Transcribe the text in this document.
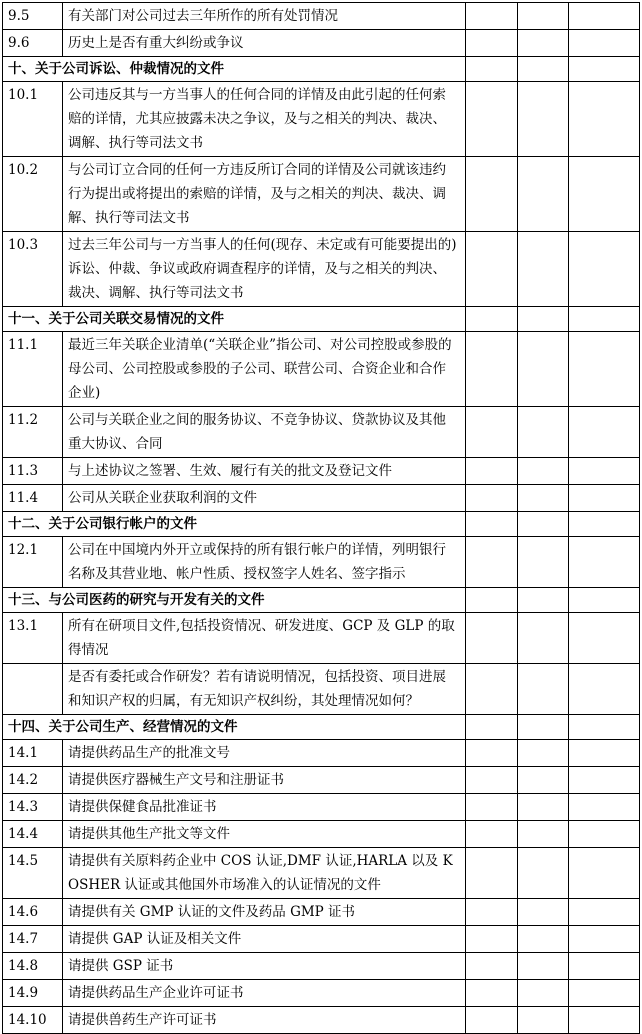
9.5	有关部门对公司过去三年所作的所有处罚情况			
9.6	历史上是否有重大纠纷或争议			
十、关于公司诉讼、仲裁情况的文件				
10.1	公司违反其与一方当事人的任何合同的详情及由此引起的任何索赔的详情，尤其应披露未决之争议，及与之相关的判决、裁决、调解、执行等司法文书			
10.2	与公司订立合同的任何一方违反所订合同的详情及公司就该违约行为提出或将提出的索赔的详情，及与之相关的判决、裁决、调解、执行等司法文书			
10.3	过去三年公司与一方当事人的任何(现存、未定或有可能要提出的)诉讼、仲裁、争议或政府调查程序的详情，及与之相关的判决、裁决、调解、执行等司法文书			
十一、关于公司关联交易情况的文件				
11.1	最近三年关联企业清单(“关联企业”指公司、对公司控股或参股的母公司、公司控股或参股的子公司、联营公司、合资企业和合作企业)			
11.2	公司与关联企业之间的服务协议、不竞争协议、贷款协议及其他重大协议、合同			
11.3	与上述协议之签署、生效、履行有关的批文及登记文件			
11.4	公司从关联企业获取利润的文件			
十二、关于公司银行帐户的文件				
12.1	公司在中国境内外开立或保持的所有银行帐户的详情，列明银行名称及其营业地、帐户性质、授权签字人姓名、签字指示			
十三、与公司医药的研究与开发有关的文件				
13.1	所有在研项目文件,包括投资情况、研发进度、GCP 及 GLP 的取得情况			
	是否有委托或合作研发？若有请说明情况，包括投资、项目进展和知识产权的归属，有无知识产权纠纷，其处理情况如何？			
十四、关于公司生产、经营情况的文件				
14.1	请提供药品生产的批准文号			
14.2	请提供医疗器械生产文号和注册证书			
14.3	请提供保健食品批准证书			
14.4	请提供其他生产批文等文件			
14.5	请提供有关原料药企业中 COS 认证,DMF 认证,HARLA 以及 KOSHER 认证或其他国外市场准入的认证情况的文件			
14.6	请提供有关 GMP 认证的文件及药品 GMP 证书			
14.7	请提供 GAP 认证及相关文件			
14.8	请提供 GSP 证书			
14.9	请提供药品生产企业许可证书			
14.10	请提供兽药生产许可证书			
